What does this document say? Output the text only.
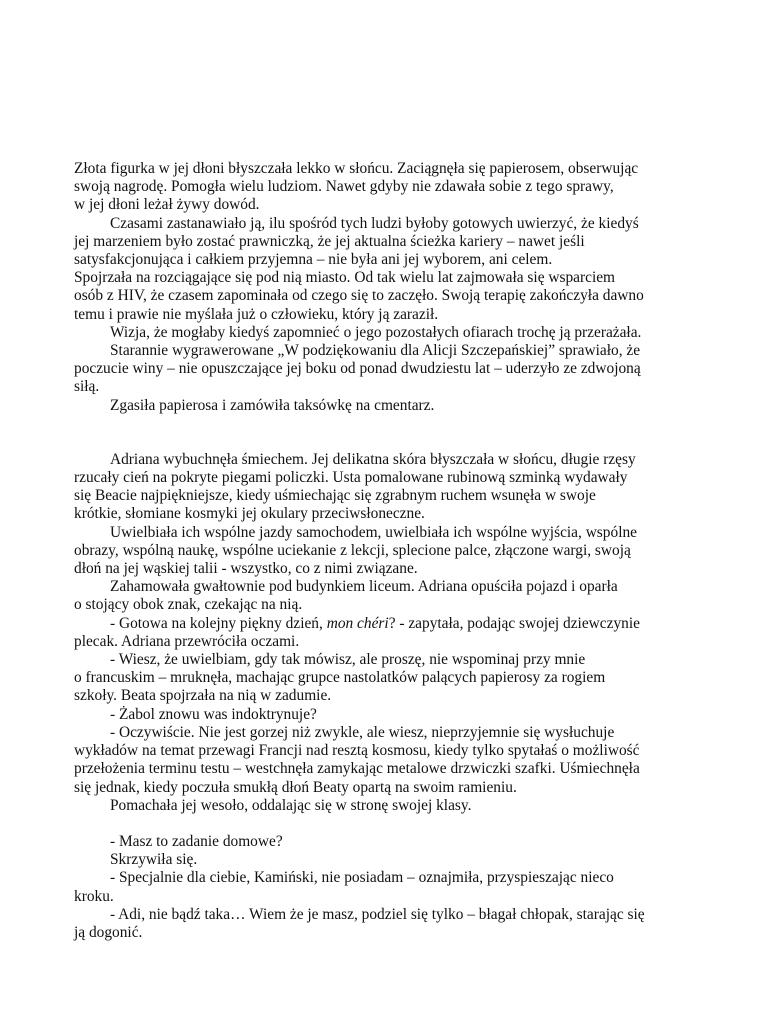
Złota figurka w jej dłoni błyszczała lekko w słońcu. Zaciągnęła się papierosem, obserwując
swoją nagrodę. Pomogła wielu ludziom. Nawet gdyby nie zdawała sobie z tego sprawy,
w jej dłoni leżał żywy dowód.
Czasami zastanawiało ją, ilu spośród tych ludzi byłoby gotowych uwierzyć, że kiedyś
jej marzeniem było zostać prawniczką, że jej aktualna ścieżka kariery – nawet jeśli
satysfakcjonująca i całkiem przyjemna – nie była ani jej wyborem, ani celem.
Spojrzała na rozciągające się pod nią miasto. Od tak wielu lat zajmowała się wsparciem
osób z HIV, że czasem zapominała od czego się to zaczęło. Swoją terapię zakończyła dawno
temu i prawie nie myślała już o człowieku, który ją zaraził.
Wizja, że mogłaby kiedyś zapomnieć o jego pozostałych ofiarach trochę ją przerażała.
Starannie wygrawerowane „W podziękowaniu dla Alicji Szczepańskiej” sprawiało, że
poczucie winy – nie opuszczające jej boku od ponad dwudziestu lat – uderzyło ze zdwojoną
siłą.
Zgasiła papierosa i zamówiła taksówkę na cmentarz.
Adriana wybuchnęła śmiechem. Jej delikatna skóra błyszczała w słońcu, długie rzęsy
rzucały cień na pokryte piegami policzki. Usta pomalowane rubinową szminką wydawały
się Beacie najpiękniejsze, kiedy uśmiechając się zgrabnym ruchem wsunęła w swoje
krótkie, słomiane kosmyki jej okulary przeciwsłoneczne.
Uwielbiała ich wspólne jazdy samochodem, uwielbiała ich wspólne wyjścia, wspólne
obrazy, wspólną naukę, wspólne uciekanie z lekcji, splecione palce, złączone wargi, swoją
dłoń na jej wąskiej talii - wszystko, co z nimi związane.
Zahamowała gwałtownie pod budynkiem liceum. Adriana opuściła pojazd i oparła
o stojący obok znak, czekając na nią.
- Gotowa na kolejny piękny dzień, mon chéri? - zapytała, podając swojej dziewczynie
plecak. Adriana przewróciła oczami.
- Wiesz, że uwielbiam, gdy tak mówisz, ale proszę, nie wspominaj przy mnie
o francuskim – mruknęła, machając grupce nastolatków palących papierosy za rogiem
szkoły. Beata spojrzała na nią w zadumie.
- Żabol znowu was indoktrynuje?
- Oczywiście. Nie jest gorzej niż zwykle, ale wiesz, nieprzyjemnie się wysłuchuje
wykładów na temat przewagi Francji nad resztą kosmosu, kiedy tylko spytałaś o możliwość
przełożenia terminu testu – westchnęła zamykając metalowe drzwiczki szafki. Uśmiechnęła
się jednak, kiedy poczuła smukłą dłoń Beaty opartą na swoim ramieniu.
Pomachała jej wesoło, oddalając się w stronę swojej klasy.
- Masz to zadanie domowe?
Skrzywiła się.
- Specjalnie dla ciebie, Kamiński, nie posiadam – oznajmiła, przyspieszając nieco
kroku.
- Adi, nie bądź taka… Wiem że je masz, podziel się tylko – błagał chłopak, starając się
ją dogonić.
